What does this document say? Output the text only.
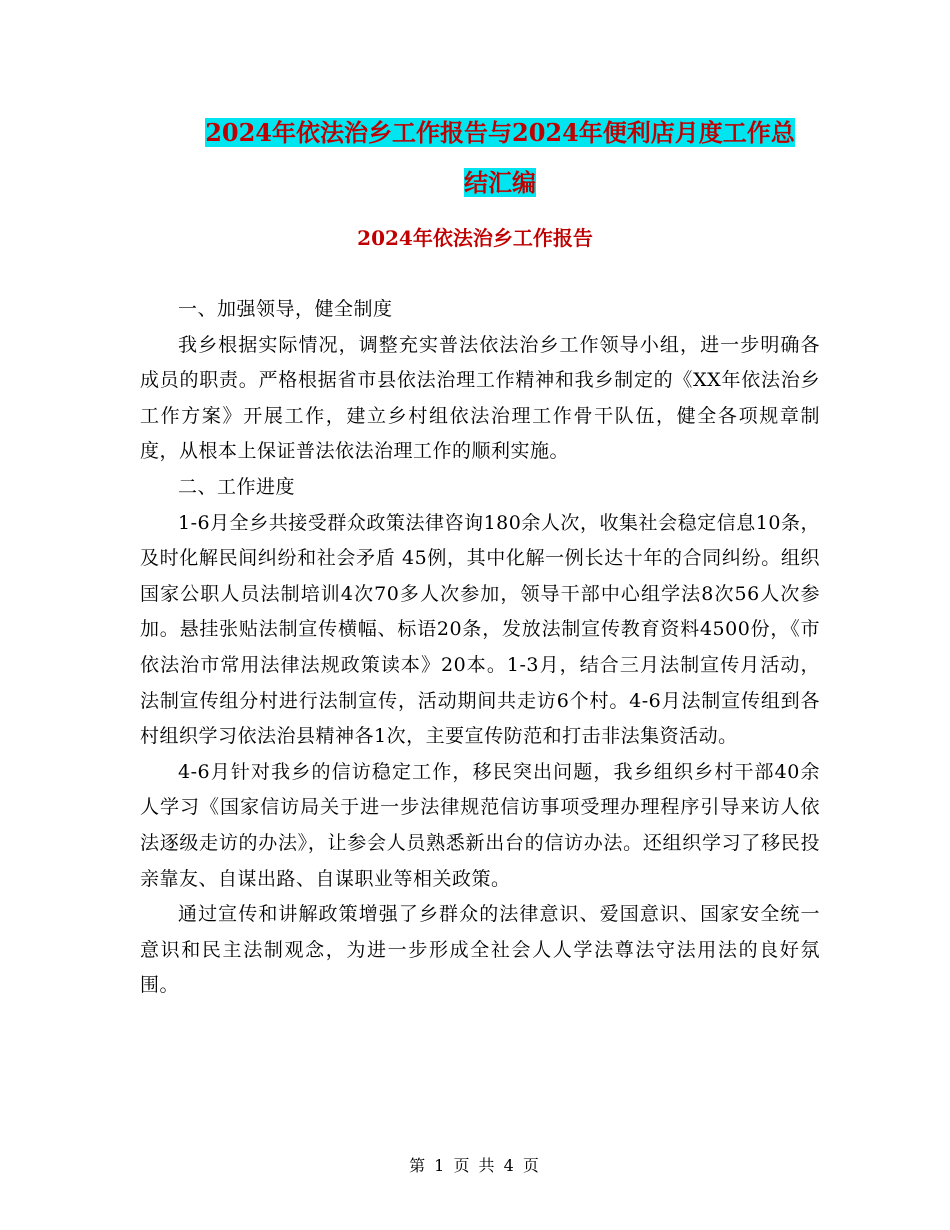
2024年依法治乡工作报告与2024年便利店月度工作总
结汇编
2024年依法治乡工作报告

一、加强领导，健全制度

我乡根据实际情况，调整充实普法依法治乡工作领导小组，进一步明确各成员的职责。严格根据省市县依法治理工作精神和我乡制定的《XX年依法治乡工作方案》开展工作，建立乡村组依法治理工作骨干队伍，健全各项规章制度，从根本上保证普法依法治理工作的顺利实施。

二、工作进度

1-6月全乡共接受群众政策法律咨询180余人次，收集社会稳定信息10条，及时化解民间纠纷和社会矛盾 45例，其中化解一例长达十年的合同纠纷。组织国家公职人员法制培训4次70多人次参加，领导干部中心组学法8次56人次参加。悬挂张贴法制宣传横幅、标语20条，发放法制宣传教育资料4500份，《市依法治市常用法律法规政策读本》20本。1-3月，结合三月法制宣传月活动，法制宣传组分村进行法制宣传，活动期间共走访6个村。4-6月法制宣传组到各村组织学习依法治县精神各1次，主要宣传防范和打击非法集资活动。

4-6月针对我乡的信访稳定工作，移民突出问题，我乡组织乡村干部40余人学习《国家信访局关于进一步法律规范信访事项受理办理程序引导来访人依法逐级走访的办法》，让参会人员熟悉新出台的信访办法。还组织学习了移民投亲靠友、自谋出路、自谋职业等相关政策。

通过宣传和讲解政策增强了乡群众的法律意识、爱国意识、国家安全统一意识和民主法制观念，为进一步形成全社会人人学法尊法守法用法的良好氛围。

第 1 页 共 4 页
